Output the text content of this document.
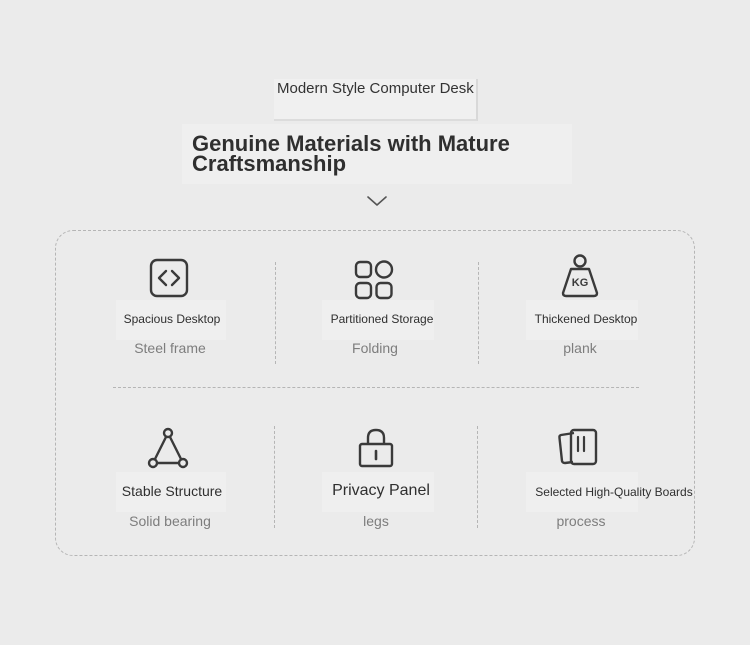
Modern Style Computer Desk
Genuine Materials with Mature Craftsmanship
KG
Spacious Desktop
Steel frame
Partitioned Storage
Folding
Thickened Desktop
plank
Stable Structure
Solid bearing
Privacy Panel
legs
Selected High-Quality Boards
process
